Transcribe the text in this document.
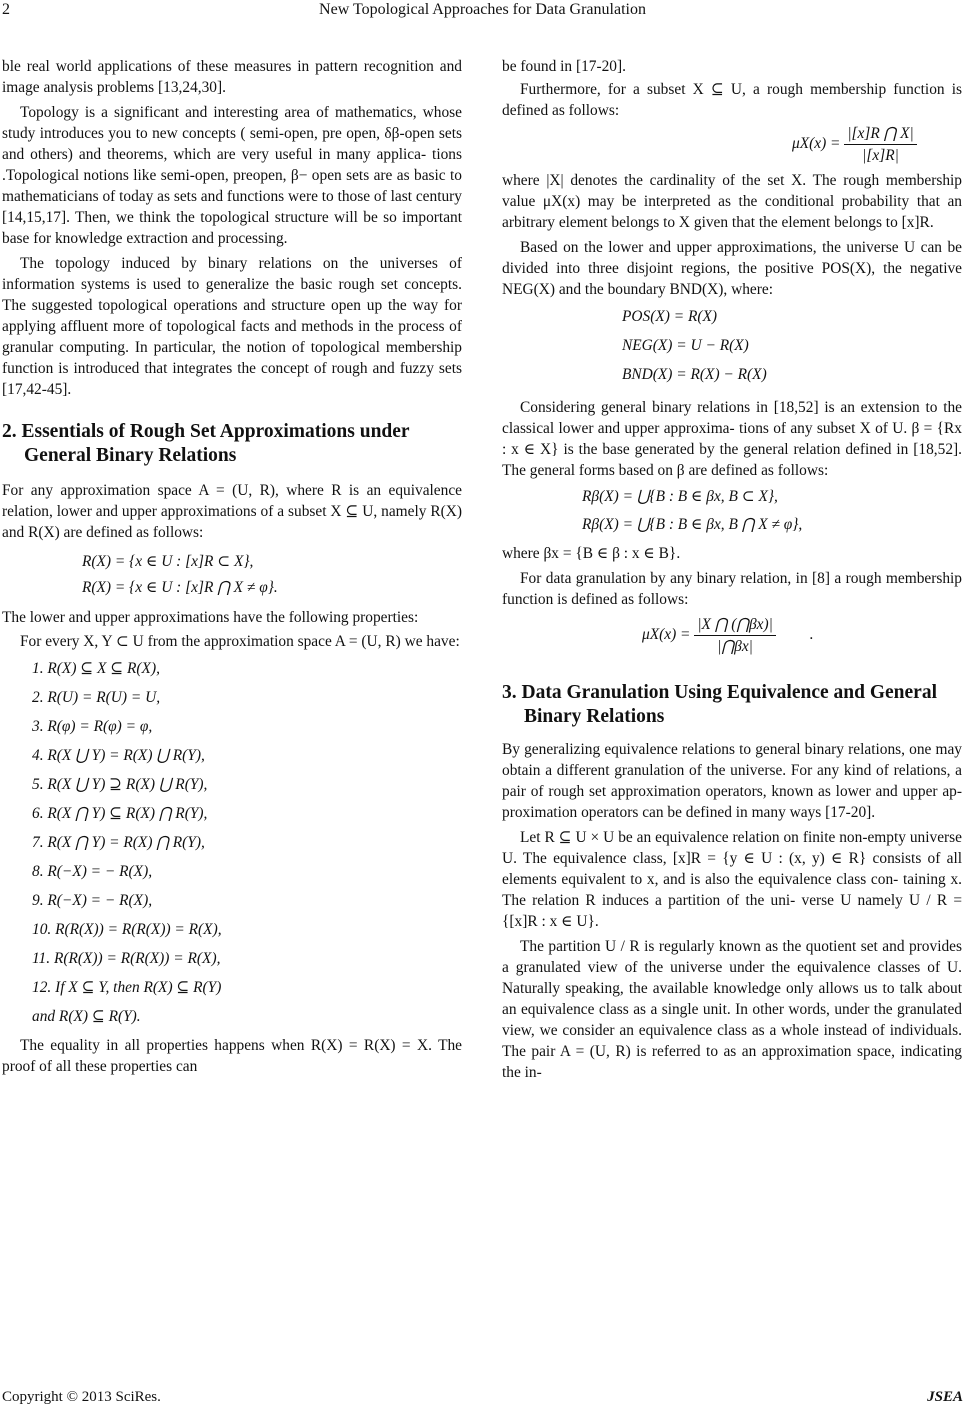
2	New Topological Approaches for Data Granulation

ble real world applications of these measures in pattern recognition and image analysis problems [13,24,30].

Topology is a significant and interesting area of mathematics, whose study introduces you to new concepts ( semi-open, pre open, δβ-open sets and others) and theorems, which are very useful in many applica- tions .Topological notions like semi-open, preopen, β− open sets are as basic to mathematicians of today as sets and functions were to those of last century [14,15,17]. Then, we think the topological structure will be so important base for knowledge extraction and processing.

The topology induced by binary relations on the universes of information systems is used to generalize the basic rough set concepts. The suggested topological operations and structure open up the way for applying affluent more of topological facts and methods in the process of granular computing. In particular, the notion of topological membership function is introduced that integrates the concept of rough and fuzzy sets [17,42-45].

2. Essentials of Rough Set Approximations under General Binary Relations

For any approximation space A = (U, R), where R is an equivalence relation, lower and upper approximations of a subset X ⊆ U, namely R(X) and R(X) are defined as follows:

R(X) = {x ∈ U : [x]R ⊂ X},
R(X) = {x ∈ U : [x]R ⋂ X ≠ φ}.

The lower and upper approximations have the following properties:

For every X, Y ⊂ U from the approximation space A = (U, R) we have:

1. R(X) ⊆ X ⊆ R(X),
2. R(U) = R(U) = U,
3. R(φ) = R(φ) = φ,
4. R(X ⋃ Y) = R(X) ⋃ R(Y),
5. R(X ⋃ Y) ⊇ R(X) ⋃ R(Y),
6. R(X ⋂ Y) ⊆ R(X) ⋂ R(Y),
7. R(X ⋂ Y) = R(X) ⋂ R(Y),
8. R(−X) = − R(X),
9. R(−X) = − R(X),
10. R(R(X)) = R(R(X)) = R(X),
11. R(R(X)) = R(R(X)) = R(X),
12. If X ⊆ Y, then R(X) ⊆ R(Y)
and R(X) ⊆ R(Y).

The equality in all properties happens when R(X) = R(X) = X. The proof of all these properties can

be found in [17-20].

Furthermore, for a subset X ⊆ U, a rough membership function is defined as follows:

$\mu X(x) = \frac{|[x]R ⋂ X|}{|[x]R|}$

where |X| denotes the cardinality of the set X. The rough membership value μX(x) may be interpreted as the conditional probability that an arbitrary element belongs to X given that the element belongs to [x]R.

Based on the lower and upper approximations, the universe U can be divided into three disjoint regions, the positive POS(X), the negative NEG(X) and the boundary BND(X), where:

POS(X) = R(X)
NEG(X) = U − R(X)
BND(X) = R(X) − R(X)

Considering general binary relations in [18,52] is an extension to the classical lower and upper approxima- tions of any subset X of U. β = {Rx : x ∈ X} is the base generated by the general relation defined in [18,52]. The general forms based on β are defined as follows:

Rβ(X) = ⋃{B : B ∈ βx, B ⊂ X},
Rβ(X) = ⋃{B : B ∈ βx, B ⋂ X ≠ φ},

where βx = {B ∈ β : x ∈ B}.

For data granulation by any binary relation, in [8] a rough membership function is defined as follows:

$\mu X(x) = \frac{|X ⋂ (⋂\beta x)|}{|⋂\beta x|}$ .
3. Data Granulation Using Equivalence and General Binary Relations

By generalizing equivalence relations to general binary relations, one may obtain a different granulation of the universe. For any kind of relations, a pair of rough set approximation operators, known as lower and upper ap- proximation operators can be defined in many ways [17-20].

Let R ⊆ U × U be an equivalence relation on finite non-empty universe U. The equivalence class, [x]R = {y ∈ U : (x, y) ∈ R} consists of all elements equivalent to x, and is also the equivalence class con- taining x. The relation R induces a partition of the uni- verse U namely U / R = {[x]R : x ∈ U}.

The partition U / R is regularly known as the quotient set and provides a granulated view of the universe under the equivalence classes of U. Naturally speaking, the available knowledge only allows us to talk about an equivalence class as a single unit. In other words, under the granulated view, we consider an equivalence class as a whole instead of individuals. The pair A = (U, R) is referred to as an approximation space, indicating the in-

Copyright © 2013 SciRes.	JSEA
